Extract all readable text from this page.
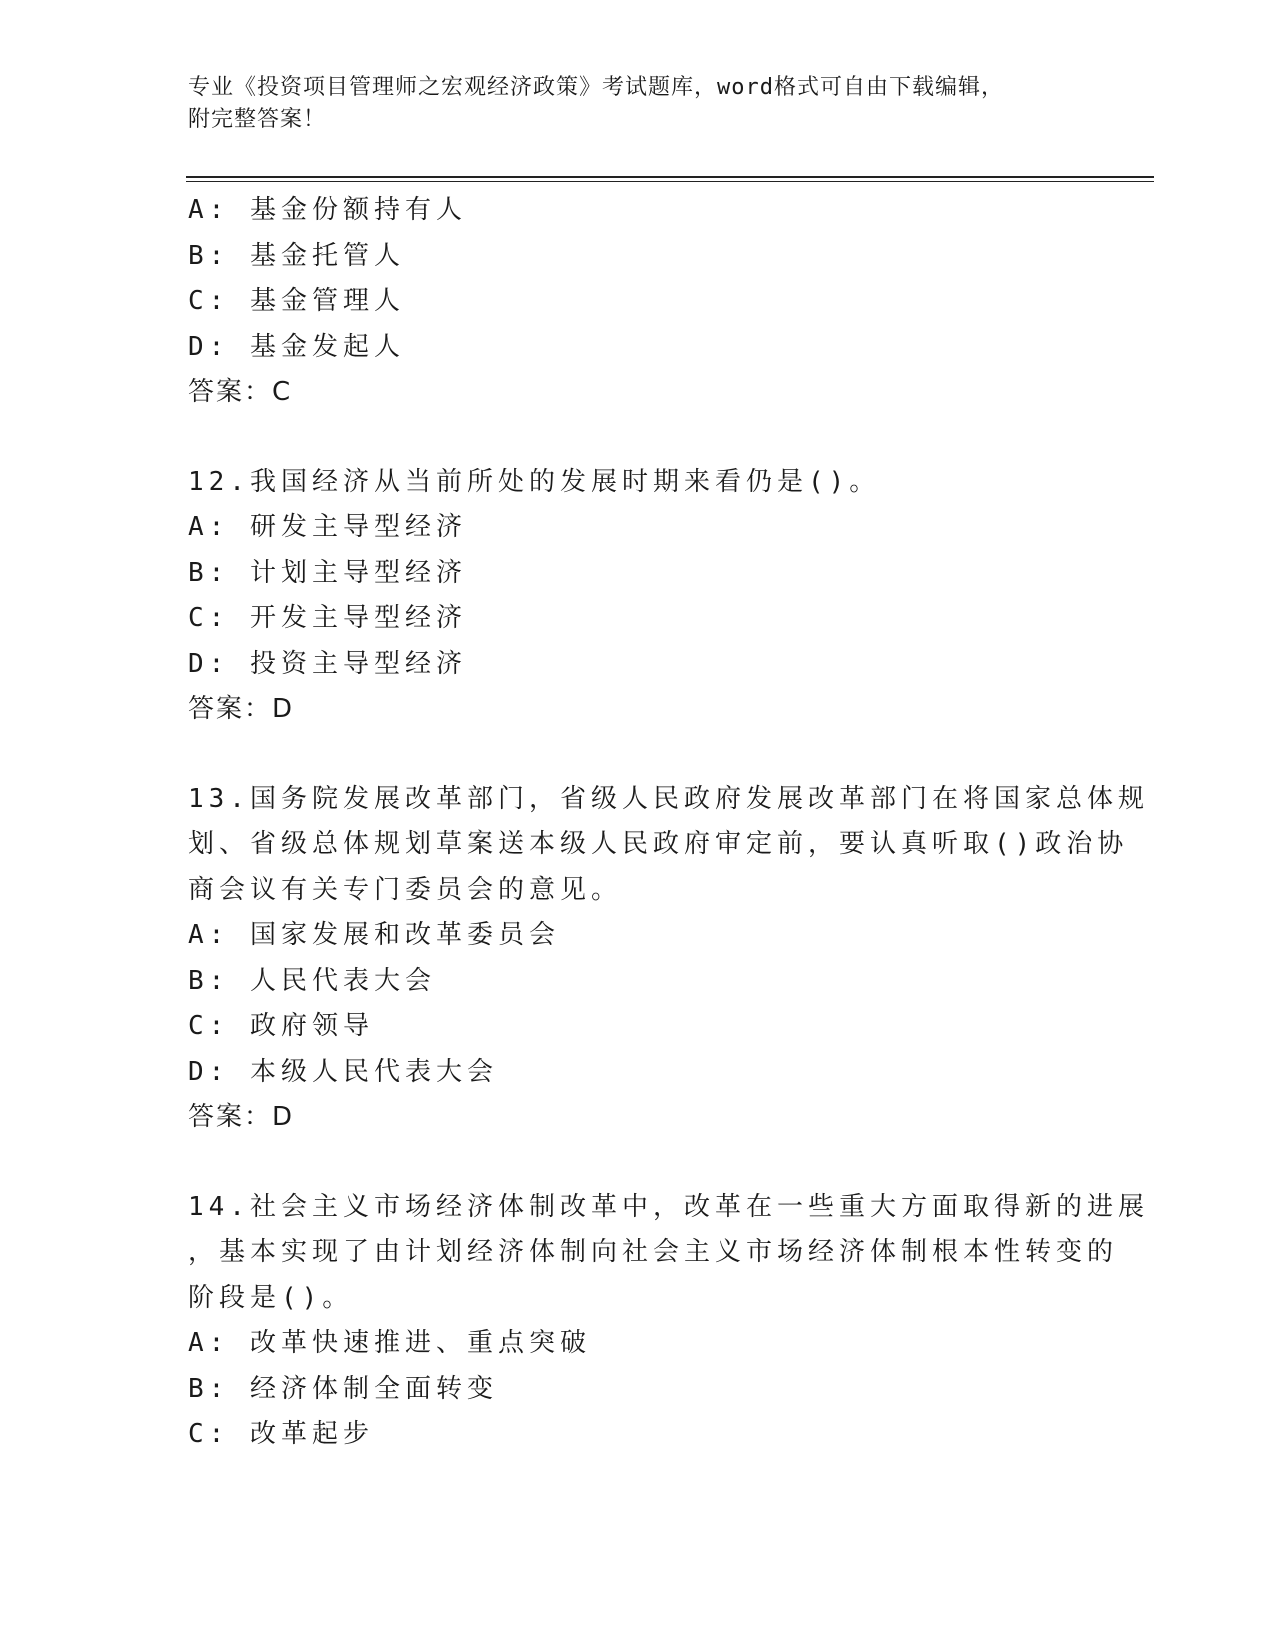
专业《投资项目管理师之宏观经济政策》考试题库，word格式可自由下载编辑，
附完整答案！
A: 基金份额持有人
B: 基金托管人
C: 基金管理人
D: 基金发起人
答案：C
12.我国经济从当前所处的发展时期来看仍是()。
A: 研发主导型经济
B: 计划主导型经济
C: 开发主导型经济
D: 投资主导型经济
答案：D
13.国务院发展改革部门，省级人民政府发展改革部门在将国家总体规
划、省级总体规划草案送本级人民政府审定前，要认真听取()政治协
商会议有关专门委员会的意见。
A: 国家发展和改革委员会
B: 人民代表大会
C: 政府领导
D: 本级人民代表大会
答案：D
14.社会主义市场经济体制改革中，改革在一些重大方面取得新的进展
，基本实现了由计划经济体制向社会主义市场经济体制根本性转变的
阶段是()。
A: 改革快速推进、重点突破
B: 经济体制全面转变
C: 改革起步
